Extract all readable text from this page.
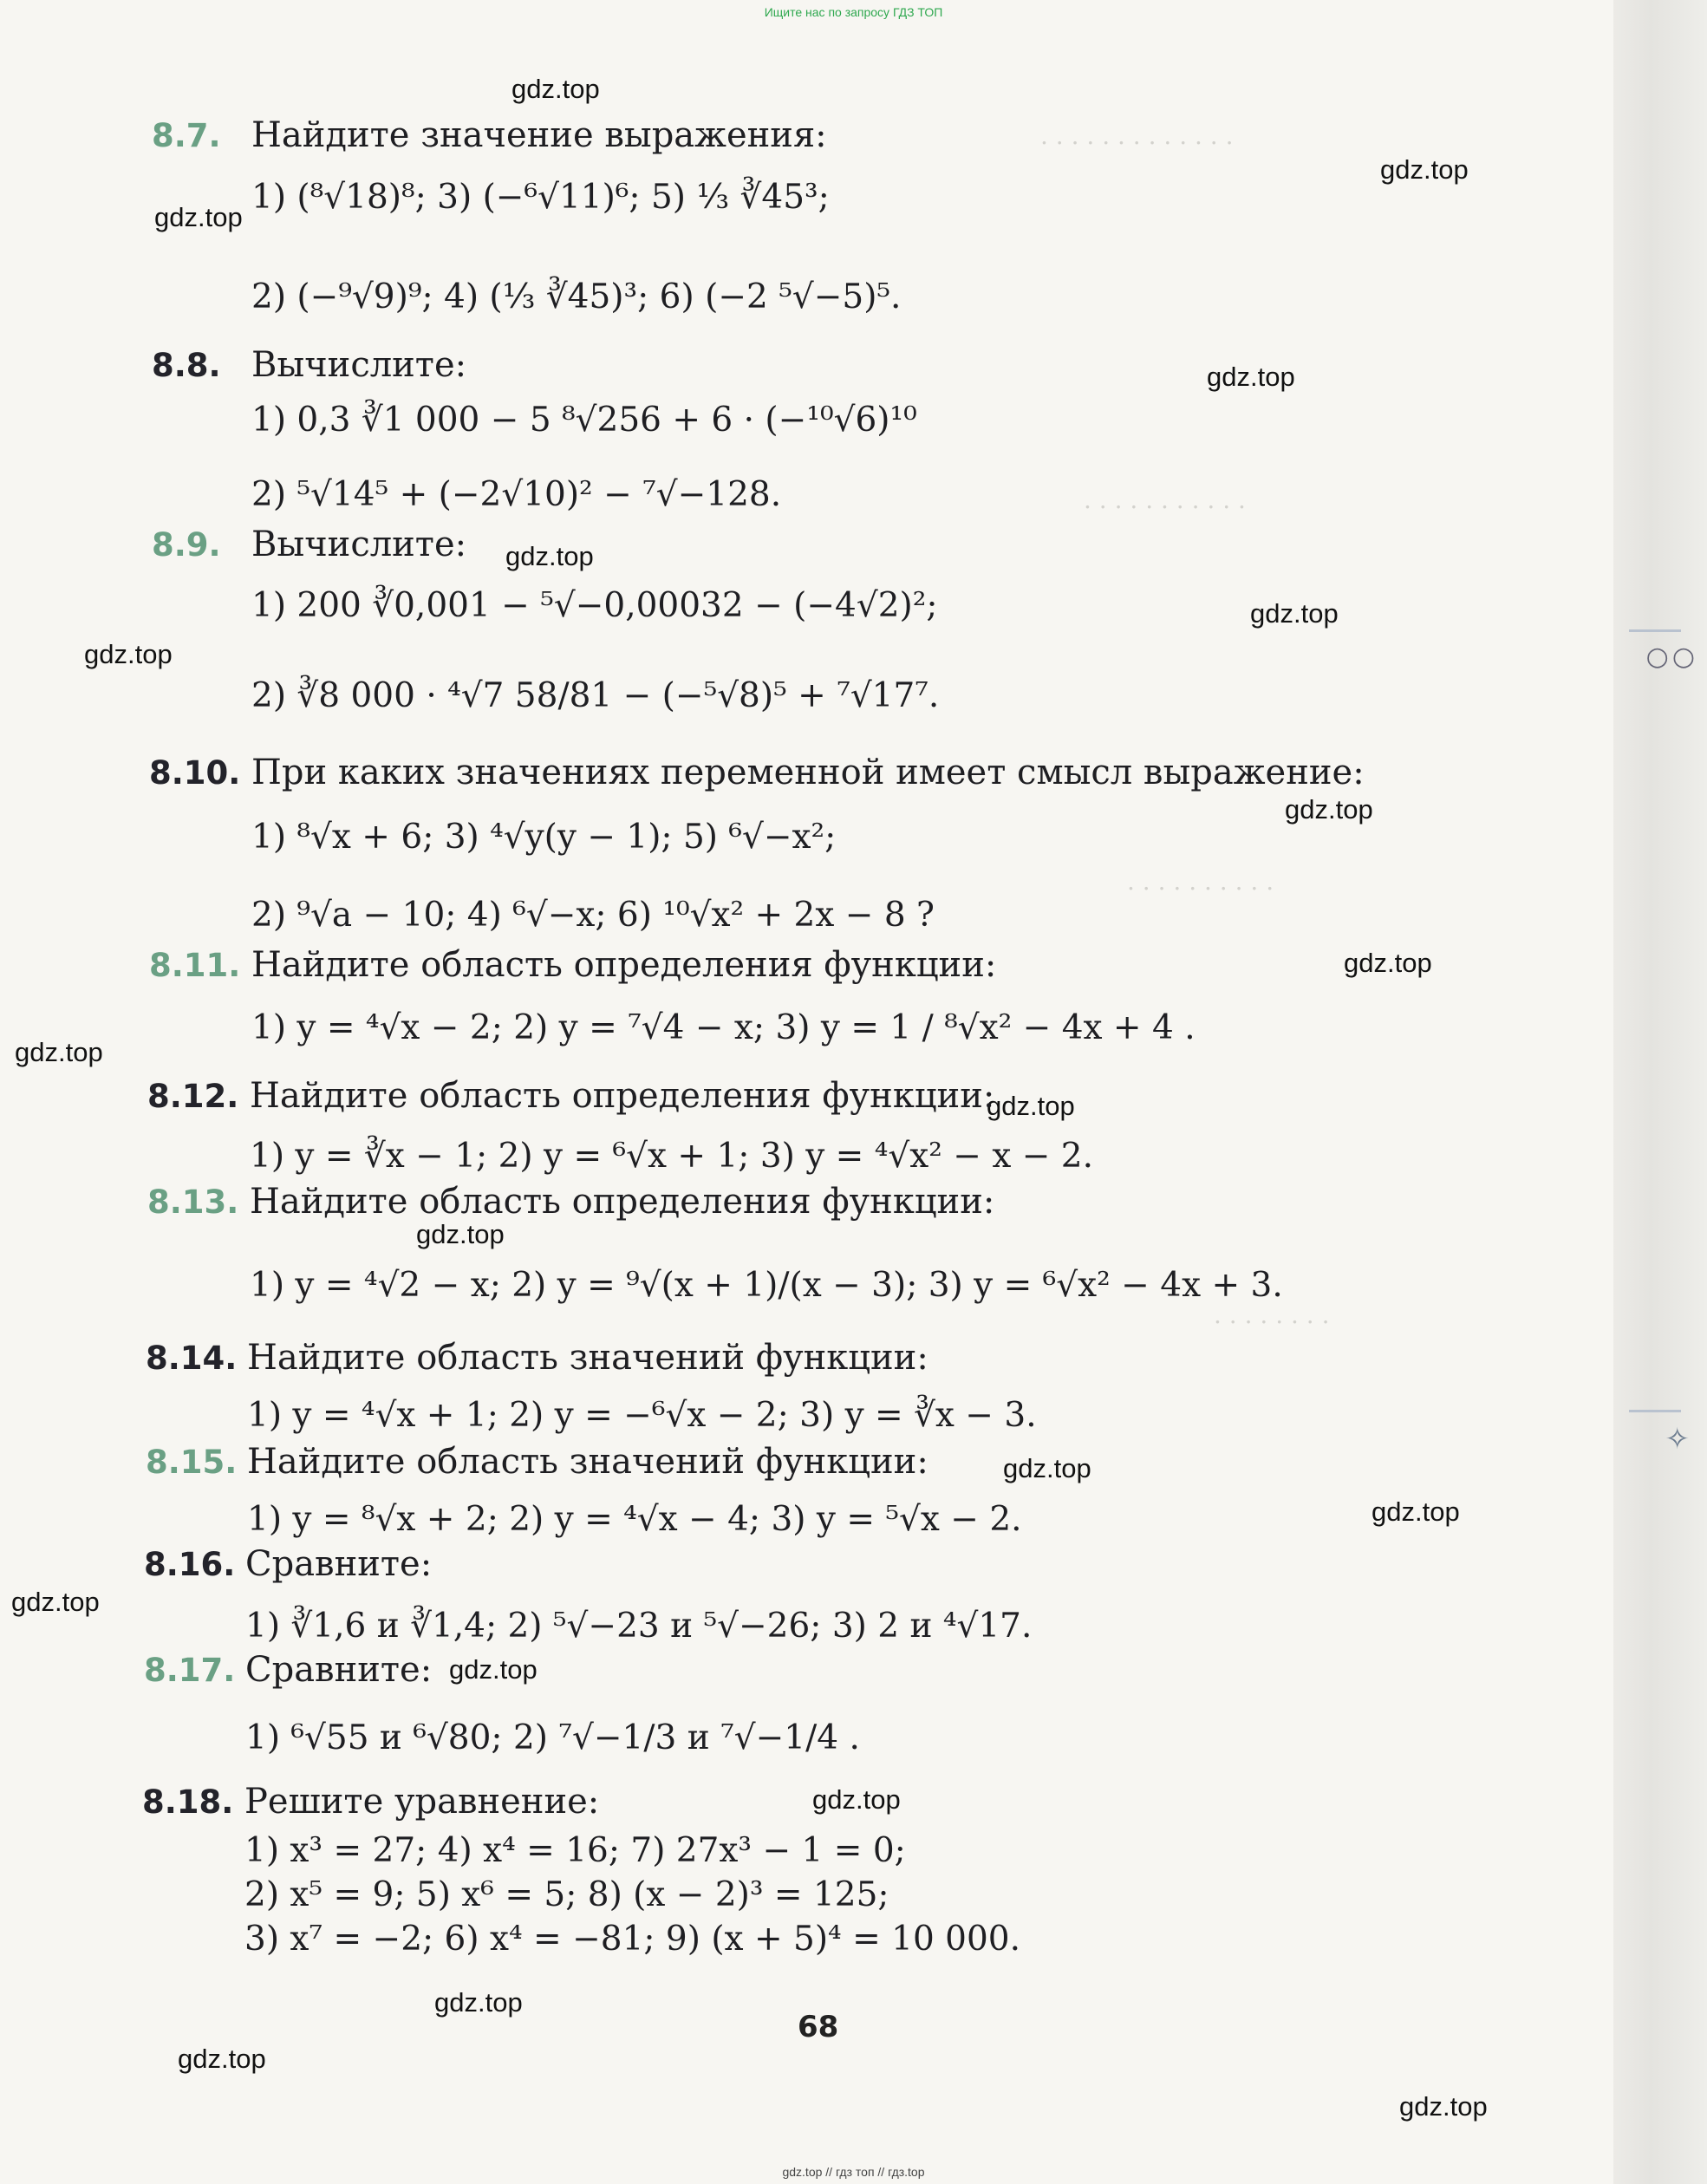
○○
✧
. . . . . . . . . . . . .
. . . . . . . . . . .
. . . . . . . . . .
. . . . . . . .
Ищите нас по запросу ГДЗ ТОП
gdz.top
gdz.top
gdz.top
gdz.top
gdz.top
gdz.top
gdz.top
gdz.top
gdz.top
gdz.top
gdz.top
gdz.top
gdz.top
gdz.top
gdz.top
gdz.top
gdz.top
gdz.top
gdz.top
gdz.top
8.7. Найдите значение выражения:
1) (⁸√18)⁸; 3) (−⁶√11)⁶; 5) ¹⁄₃ ∛45³;
2) (−⁹√9)⁹; 4) (¹⁄₃ ∛45)³; 6) (−2 ⁵√−5)⁵.
8.8. Вычислите:
1) 0,3 ∛1 000 − 5 ⁸√256 + 6 · (−¹⁰√6)¹⁰
2) ⁵√14⁵ + (−2√10)² − ⁷√−128.
8.9. Вычислите:
1) 200 ∛0,001 − ⁵√−0,00032 − (−4√2)²;
2) ∛8 000 · ⁴√7 58/81 − (−⁵√8)⁵ + ⁷√17⁷.
8.10. При каких значениях переменной имеет смысл выражение:
1) ⁸√x + 6; 3) ⁴√y(y − 1); 5) ⁶√−x²;
2) ⁹√a − 10; 4) ⁶√−x; 6) ¹⁰√x² + 2x − 8 ?
8.11. Найдите область определения функции:
1) y = ⁴√x − 2; 2) y = ⁷√4 − x; 3) y = 1 / ⁸√x² − 4x + 4 .
8.12. Найдите область определения функции:
1) y = ∛x − 1; 2) y = ⁶√x + 1; 3) y = ⁴√x² − x − 2.
8.13. Найдите область определения функции:
1) y = ⁴√2 − x; 2) y = ⁹√(x + 1)/(x − 3); 3) y = ⁶√x² − 4x + 3.
8.14. Найдите область значений функции:
1) y = ⁴√x + 1; 2) y = −⁶√x − 2; 3) y = ∛x − 3.
8.15. Найдите область значений функции:
1) y = ⁸√x + 2; 2) y = ⁴√x − 4; 3) y = ⁵√x − 2.
8.16. Сравните:
1) ∛1,6 и ∛1,4; 2) ⁵√−23 и ⁵√−26; 3) 2 и ⁴√17.
8.17. Сравните:
1) ⁶√55 и ⁶√80; 2) ⁷√−1/3 и ⁷√−1/4 .
8.18. Решите уравнение:
1) x³ = 27; 4) x⁴ = 16; 7) 27x³ − 1 = 0;
2) x⁵ = 9; 5) x⁶ = 5; 8) (x − 2)³ = 125;
3) x⁷ = −2; 6) x⁴ = −81; 9) (x + 5)⁴ = 10 000.
68
gdz.top // гдз топ // гдз.top
